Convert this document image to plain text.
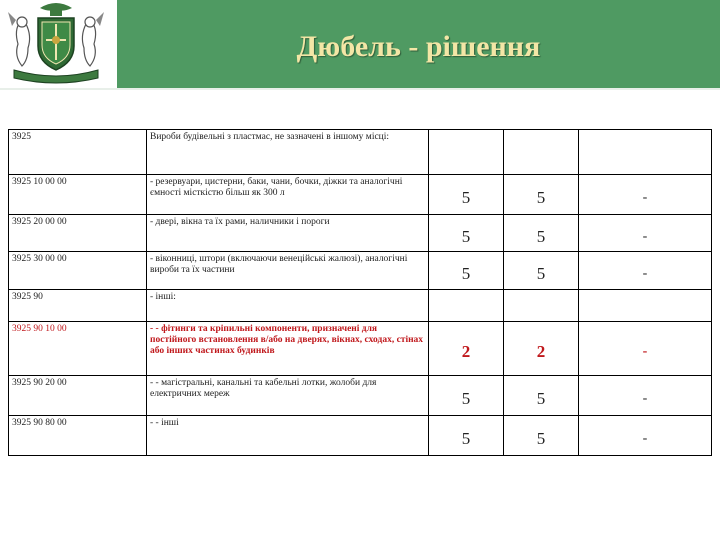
Дюбель - рішення
3925	Вироби будівельні з пластмас, не зазначені в іншому місці:			
3925 10 00 00	- резервуари, цистерни, баки, чани, бочки, діжки та аналогічні ємності місткістю більш як 300 л	5	5	-
3925 20 00 00	- двері, вікна та їх рами, наличники і пороги	5	5	-
3925 30 00 00	- віконниці, штори (включаючи венеційські жалюзі), аналогічні вироби та їх частини	5	5	-
3925 90	- інші:			
3925 90 10 00	- - фітинги та кріпильні компоненти, призначені для постійного встановлення в/або на дверях, вікнах, сходах, стінах або інших частинах будинків	2	2	-
3925 90 20 00	- - магістральні, канальні та кабельні лотки, жолоби для електричних мереж	5	5	-
3925 90 80 00	- - інші	5	5	-
